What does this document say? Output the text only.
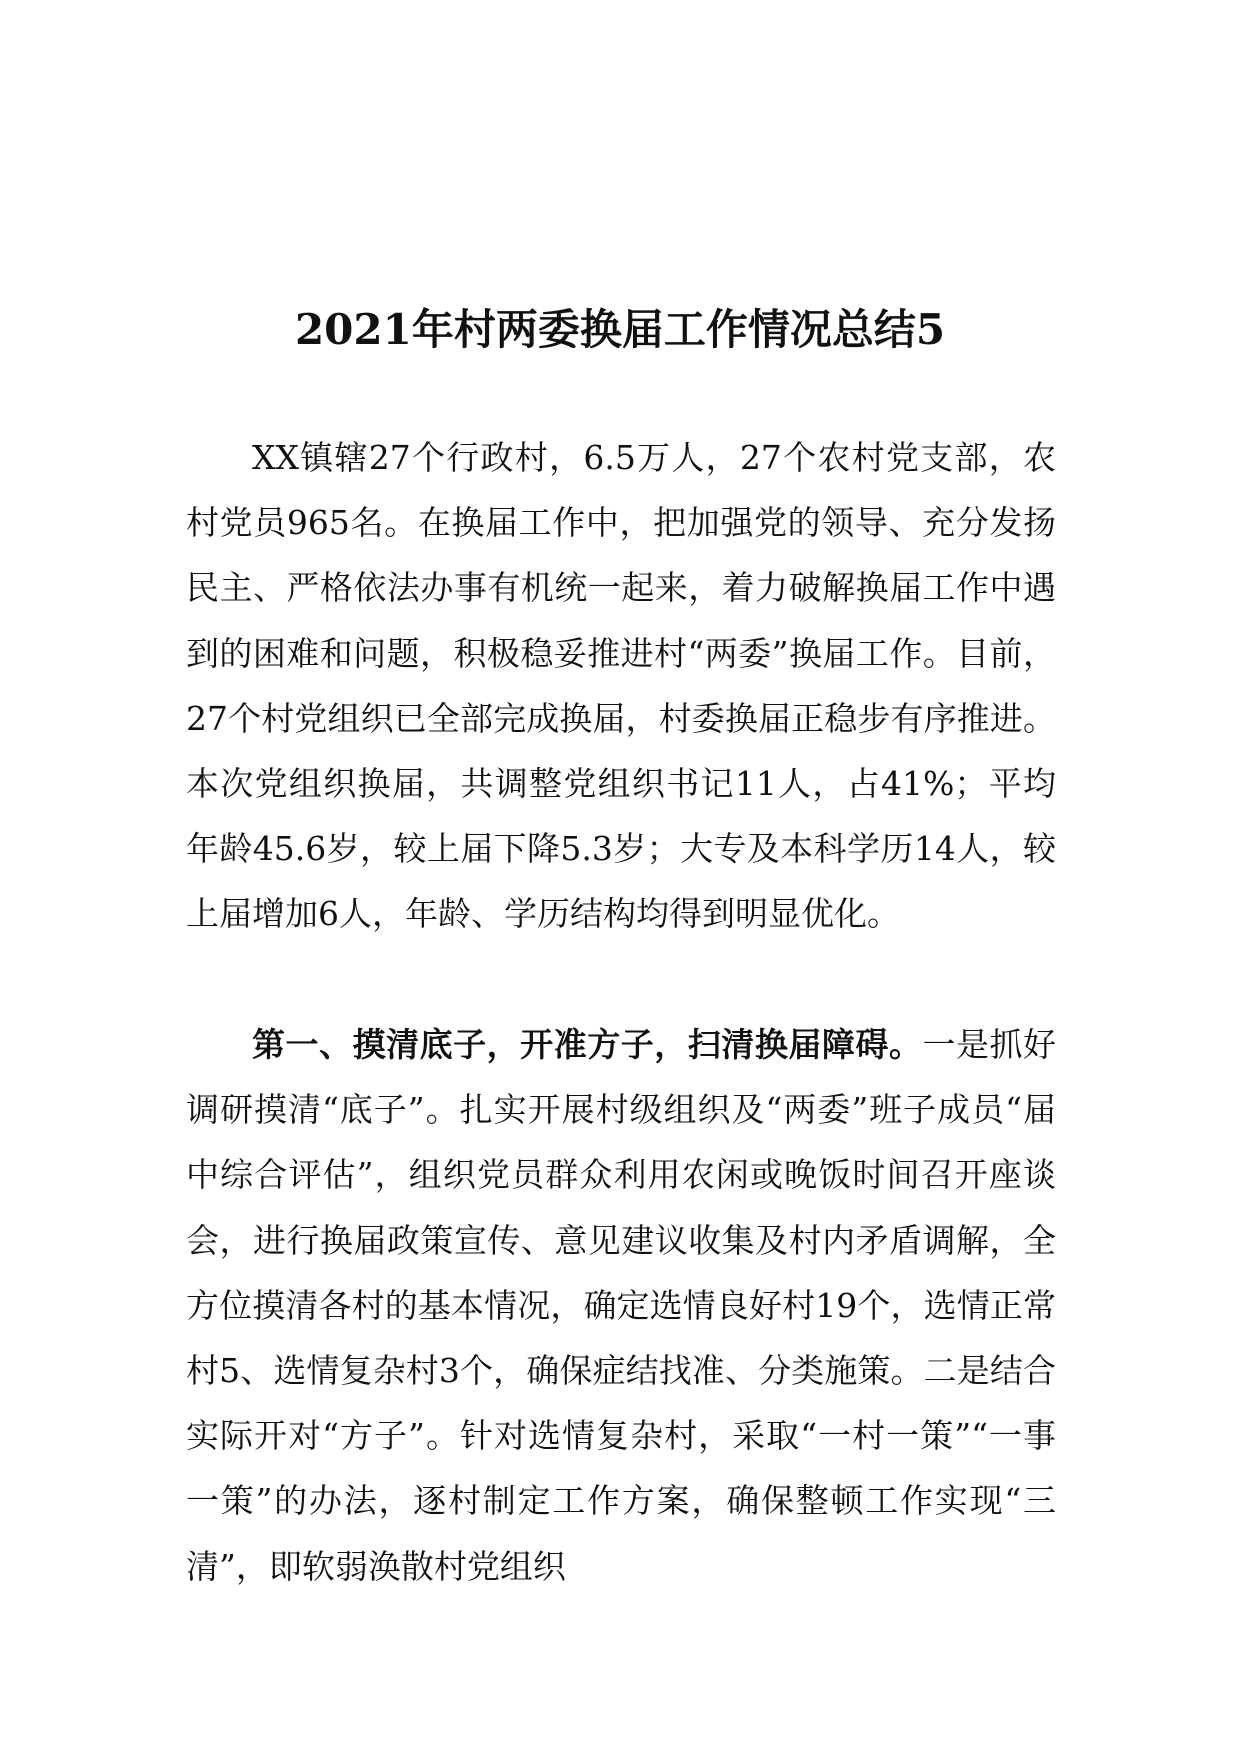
2021年村两委换届工作情况总结5

XX镇辖27个行政村，6.5万人，27个农村党支部，农村党员965名。在换届工作中，把加强党的领导、充分发扬民主、严格依法办事有机统一起来，着力破解换届工作中遇到的困难和问题，积极稳妥推进村“两委”换届工作。目前，27个村党组织已全部完成换届，村委换届正稳步有序推进。本次党组织换届，共调整党组织书记11人，占41%；平均年龄45.6岁，较上届下降5.3岁；大专及本科学历14人，较上届增加6人，年龄、学历结构均得到明显优化。

第一、摸清底子，开准方子，扫清换届障碍。一是抓好调研摸清“底子”。扎实开展村级组织及“两委”班子成员“届中综合评估”，组织党员群众利用农闲或晚饭时间召开座谈会，进行换届政策宣传、意见建议收集及村内矛盾调解，全方位摸清各村的基本情况，确定选情良好村19个，选情正常村5、选情复杂村3个，确保症结找准、分类施策。二是结合实际开对“方子”。针对选情复杂村，采取“一村一策”“一事一策”的办法，逐村制定工作方案，确保整顿工作实现“三清”，即软弱涣散村党组织
